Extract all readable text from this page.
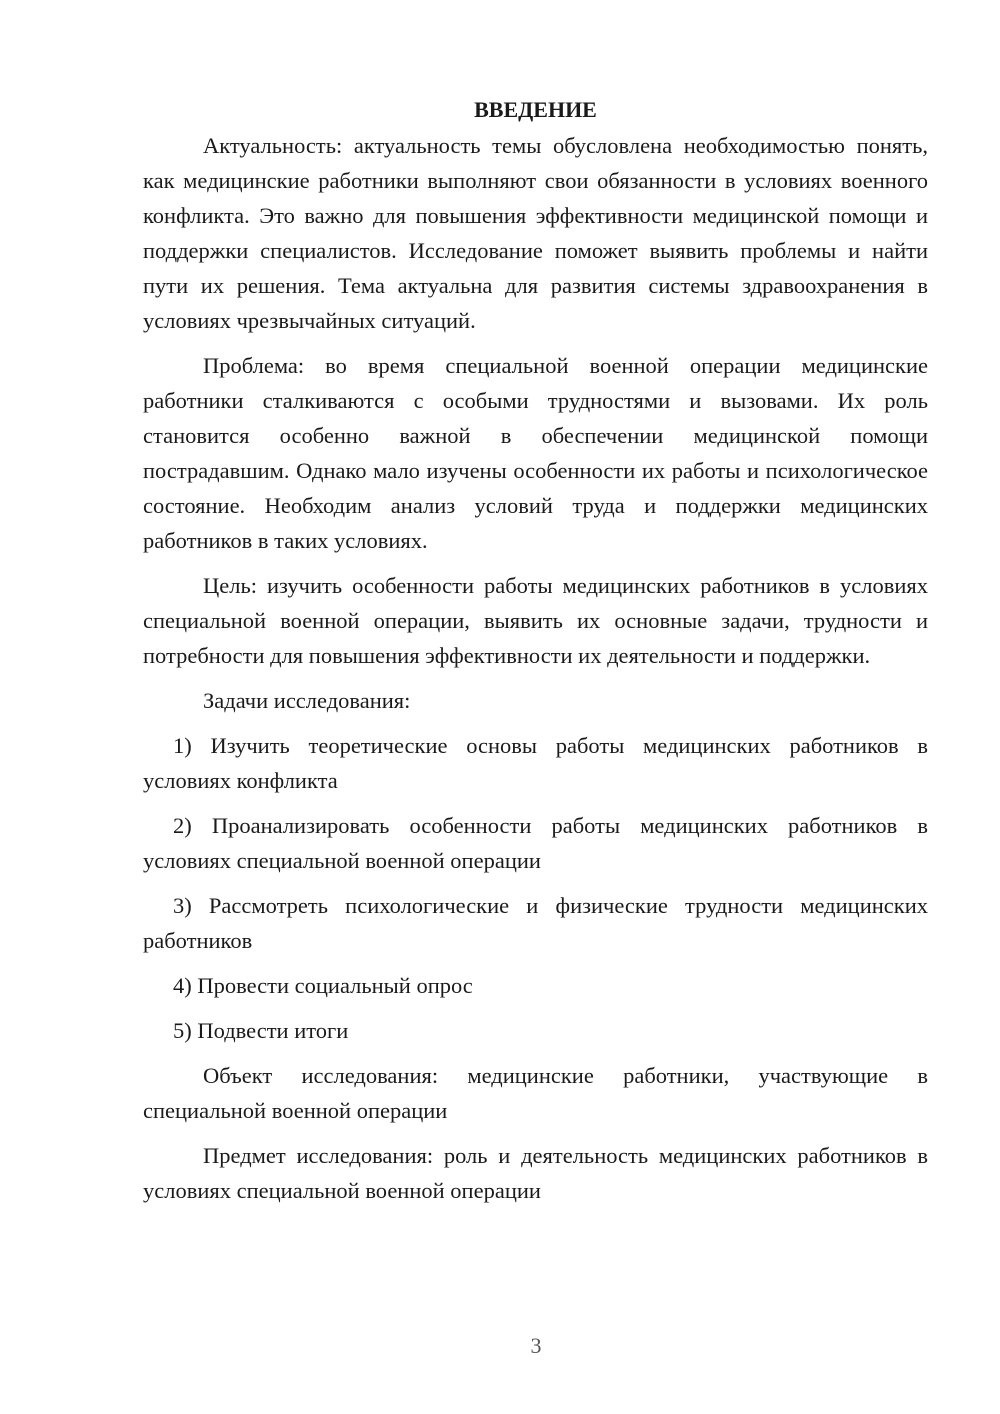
ВВЕДЕНИЕ

Актуальность: актуальность темы обусловлена необходимостью понять, как медицинские работники выполняют свои обязанности в условиях военного конфликта. Это важно для повышения эффективности медицинской помощи и поддержки специалистов. Исследование поможет выявить проблемы и найти пути их решения. Тема актуальна для развития системы здравоохранения в условиях чрезвычайных ситуаций.

Проблема: во время специальной военной операции медицинские работники сталкиваются с особыми трудностями и вызовами. Их роль становится особенно важной в обеспечении медицинской помощи пострадавшим. Однако мало изучены особенности их работы и психологическое состояние. Необходим анализ условий труда и поддержки медицинских работников в таких условиях.

Цель: изучить особенности работы медицинских работников в условиях специальной военной операции, выявить их основные задачи, трудности и потребности для повышения эффективности их деятельности и поддержки.

Задачи исследования:

1) Изучить теоретические основы работы медицинских работников в условиях конфликта

2) Проанализировать особенности работы медицинских работников в условиях специальной военной операции

3) Рассмотреть психологические и физические трудности медицинских работников

4) Провести социальный опрос

5) Подвести итоги

Объект исследования: медицинские работники, участвующие в специальной военной операции

Предмет исследования: роль и деятельность медицинских работников в условиях специальной военной операции

3
